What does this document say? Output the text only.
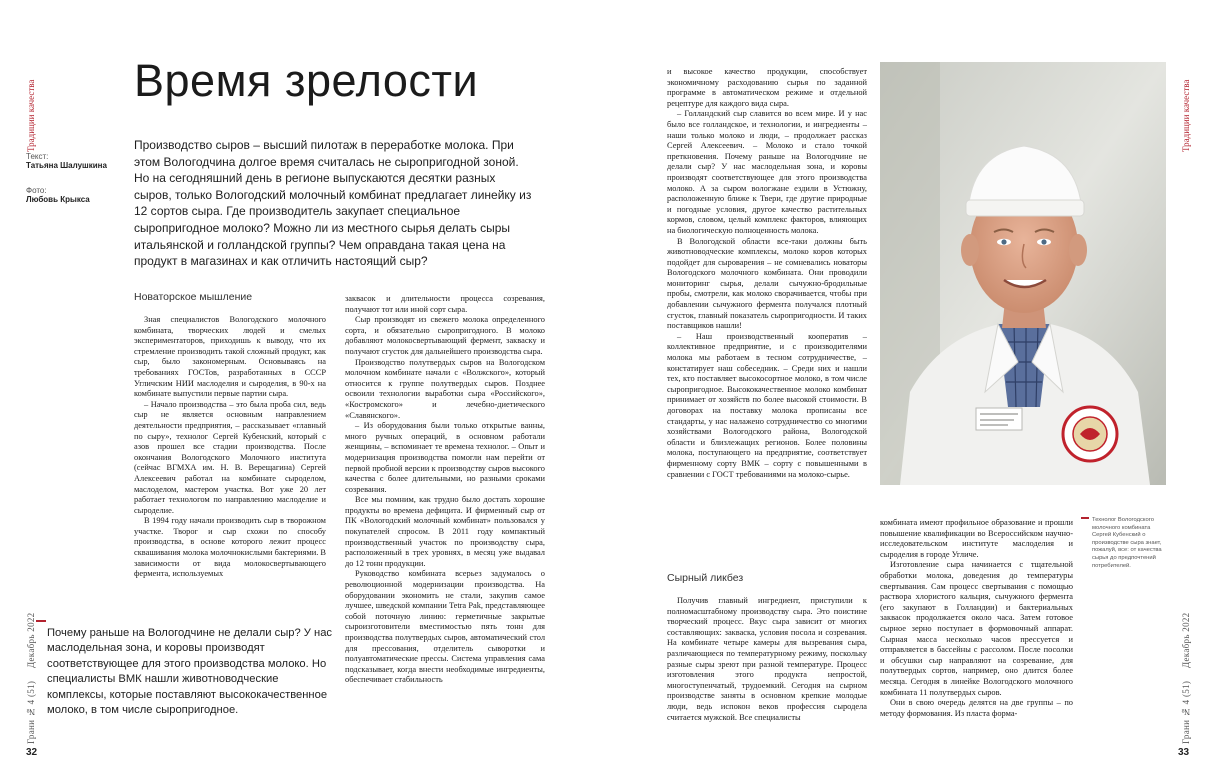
Традиции качества
Грани № 4 (51)     Декабрь 2022
32
Текст:
Татьяна Шалушкина
Фото:
Любовь Крыкса
Время зрелости
Производство сыров – высший пилотаж в переработке молока. При этом Вологодчина долгое время считалась не сыропригодной зоной. Но на сегодняшний день в регионе выпускаются десятки разных сыров, только Вологодский молочный комбинат предлагает линейку из 12 сортов сыра. Где производитель закупает специальное сыропригодное молоко? Можно ли из местного сырья делать сыры итальянской и голландской группы? Чем оправдана такая цена на продукт в магазинах и как отличить настоящий сыр?
Новаторское мышление

Зная специалистов Вологодского молочного комбината, творческих людей и смелых экспериментаторов, приходишь к выводу, что их стремление производить такой сложный продукт, как сыр, было закономерным. Основываясь на требованиях ГОСТов, разработанных в СССР Угличским НИИ маслоделия и сыроделия, в 90-х на комбинате выпустили первые партии сыра.

– Начало производства – это была проба сил, ведь сыр не является основным направлением деятельности предприятия, – рассказывает «главный по сыру», технолог Сергей Кубенский, который с азов прошел все стадии производства. После окончания Вологодского Молочного института (сейчас ВГМХА им. Н. В. Верещагина) Сергей Алексеевич работал на комбинате сыроделом, маслоделом, мастером участка. Вот уже 20 лет работает технологом по направлению маслоделие и сыроделие.

В 1994 году начали производить сыр в творожном участке. Творог и сыр схожи по способу производства, в основе которого лежит процесс сквашивания молока молочнокислыми бактериями. В зависимости от вида молокосвертывающего фермента, используемых

Почему раньше на Вологодчине не делали сыр? У нас маслодельная зона, и коровы производят соответствующее для этого производства молоко. Но специалисты ВМК нашли животноводческие комплексы, которые поставляют высококачественное молоко, в том числе сыропригодное.

заквасок и длительности процесса созревания, получают тот или иной сорт сыра.

Сыр производят из свежего молока определенного сорта, и обязательно сыропригодного. В молоко добавляют молокосвертывающий фермент, закваску и получают сгусток для дальнейшего производства сыра.

Производство полутвердых сыров на Вологодском молочном комбинате начали с «Волжского», который относится к группе полутвердых сыров. Позднее освоили технологии выработки сыра «Российского», «Костромского» и лечебно-диетического «Славянского».

– Из оборудования были только открытые ванны, многo ручных операций, в основном работали женщины, – вспоминает те времена технолог. – Опыт и модернизация производства помогли нам перейти от первой пробной версии к производству сыров высокого качества с более длительными, но разными сроками созревания.

Все мы помним, как трудно было достать хорошие продукты во времена дефицита. И фирменный сыр от ПК «Вологодский молочный комбинат» пользовался у покупателей спросом. В 2011 году компактный производственный участок по производству сыра, расположенный в трех уровнях, в месяц уже выдавал до 12 тонн продукции.

Руководство комбината всерьез задумалось о революционной модернизации производства. На оборудовании экономить не стали, закупив самое лучшее, шведской компании Tetra Pak, представляющее собой поточную линию: герметичные закрытые сыроизготовители вместимостью пять тонн для производства полутвердых сыров, автоматический стол для прессования, отделитель сыворотки и полуавтоматические прессы. Система управления сама подсказывает, когда внести необходимые ингредиенты, обеспечивает стабильность

и высокое качество продукции, способствует экономичному расходованию сырья по заданной программе в автоматическом режиме и отдельной рецептуре для каждого вида сыра.

– Голландский сыр славится во всем мире. И у нас было все голландское, и технологии, и ингредиенты – наши только молоко и люди, – продолжает рассказ Сергей Алексеевич. – Молоко и стало точкой преткновения. Почему раньше на Вологодчине не делали сыр? У нас маслодельная зона, и коровы производят соответствующее для этого производства молоко. А за сыром вологжане ездили в Устюжну, расположенную ближе к Твери, где другие природные и погодные условия, другое качество растительных кормов, словом, целый комплекс факторов, влияющих на биологическую полноценность молока.

В Вологодской области все-таки должны быть животноводческие комплексы, молоко коров которых подойдет для сыроварения – не сомневались новаторы Вологодского молочного комбината. Они проводили мониторинг сырья, делали сычужно-бродильные пробы, смотрели, как молоко сворачивается, чтобы при добавлении сычужного фермента получался плотный сгусток, главный показатель сыропригодности. И таких поставщиков нашли!

– Наш производственный кооператив – коллективное предприятие, и с производителями молока мы работаем в тесном сотрудничестве, – констатирует наш собеседник. – Среди них и нашли тех, кто поставляет высокосортное молоко, в том числе сыропригодное. Высококачественное молоко комбинат принимает от хозяйств по более высокой стоимости. В договорах на поставку молока прописаны все стандарты, у нас налажено сотрудничество со многими хозяйствами Вологодского района, Вологодской области и близлежащих регионов. Более половины молока, поступающего на предприятие, соответствует фирменному сорту ВМК – сорту с повышенными в сравнении с ГОСТ требованиями на молоко-сырье.

Сырный ликбез

Получив главный ингредиент, приступили к полномасштабному производству сыра. Это поистине творческий процесс. Вкус сыра зависит от многих составляющих: закваска, условия посола и созревания. На комбинате четыре камеры для вызревания сыра, различающиеся по температурному режиму, поскольку разные сыры зреют при разной температуре. Процесс изготовления этого продукта непростой, многоступенчатый, трудоемкий. Сегодня на сырном производстве заняты в основном крепкие молодые люди, ведь испокон веков профессия сыродела считается мужской. Все специалисты

комбината имеют профильное образование и прошли повышение квалификации во Всероссийском научно-исследовательском институте маслоделия и сыроделия в городе Угличе.

Изготовление сыра начинается с тщательной обработки молока, доведения до температуры свертывания. Сам процесс свертывания с помощью раствора хлористого кальция, сычужного фермента (его закупают в Голландии) и бактериальных заквасок продолжается около часа. Затем готовое сырное зерно поступает в формовочный аппарат. Сырная масса несколько часов прессуется и отправляется в бассейны с рассолом. После посолки и обсушки сыр направляют на созревание, для полутвердых сортов, например, оно длится более месяца. Сегодня в линейке Вологодского молочного комбината 11 полутвердых сыров.

Они в свою очередь делятся на две группы – по методу формования. Из пласта форма-

Технолог Вологодского молочного комбината Сергей Кубенский о производстве сыра знает, пожалуй, все: от качества сырья до предпочтений потребителей.
Традиции качества
Грани № 4 (51)     Декабрь 2022
33
